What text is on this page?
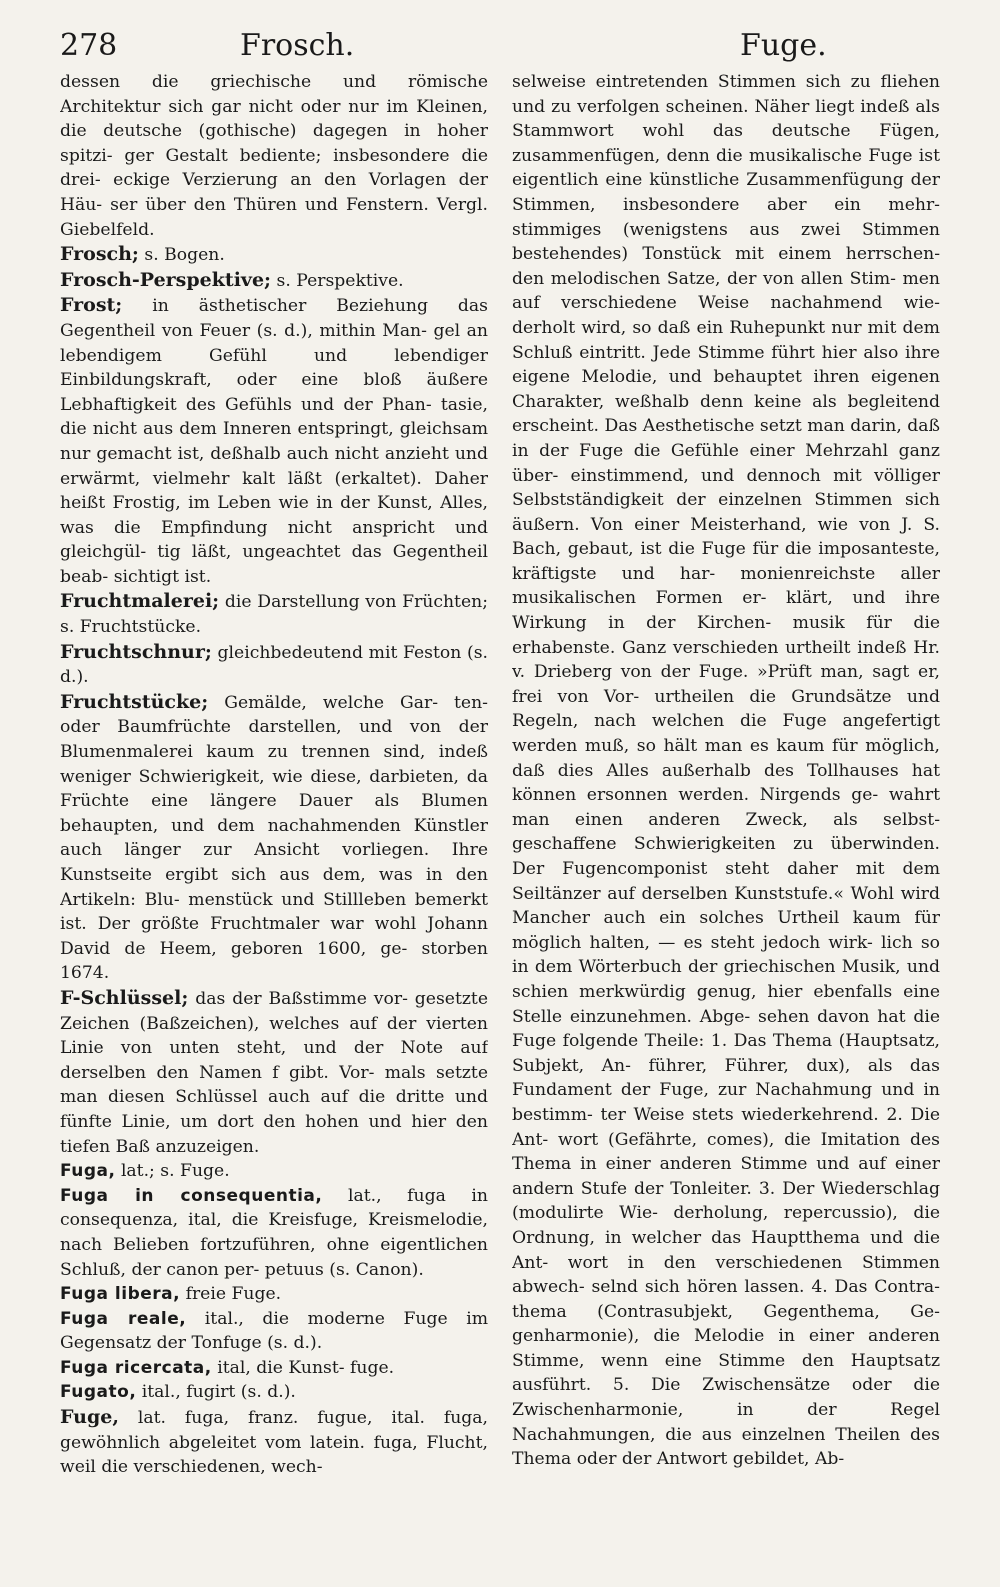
278	Frosch.	Fuge.

dessen die griechische und römische Architektur sich gar nicht oder nur im Kleinen, die deutsche (gothische) dagegen in hoher spitzi- ger Gestalt bediente; insbesondere die drei- eckige Verzierung an den Vorlagen der Häu- ser über den Thüren und Fenstern. Vergl. Giebelfeld.

Frosch; s. Bogen.

Frosch-Perspektive; s. Perspektive.

Frost; in ästhetischer Beziehung das Gegentheil von Feuer (s. d.), mithin Man- gel an lebendigem Gefühl und lebendiger Einbildungskraft, oder eine bloß äußere Lebhaftigkeit des Gefühls und der Phan- tasie, die nicht aus dem Inneren entspringt, gleichsam nur gemacht ist, deßhalb auch nicht anzieht und erwärmt, vielmehr kalt läßt (erkaltet). Daher heißt Frostig, im Leben wie in der Kunst, Alles, was die Empfindung nicht anspricht und gleichgül- tig läßt, ungeachtet das Gegentheil beab- sichtigt ist.

Fruchtmalerei; die Darstellung von Früchten; s. Fruchtstücke.

Fruchtschnur; gleichbedeutend mit Feston (s. d.).

Fruchtstücke; Gemälde, welche Gar- ten- oder Baumfrüchte darstellen, und von der Blumenmalerei kaum zu trennen sind, indeß weniger Schwierigkeit, wie diese, darbieten, da Früchte eine längere Dauer als Blumen behaupten, und dem nachahmenden Künstler auch länger zur Ansicht vorliegen. Ihre Kunstseite ergibt sich aus dem, was in den Artikeln: Blu- menstück und Stillleben bemerkt ist. Der größte Fruchtmaler war wohl Johann David de Heem, geboren 1600, ge- storben 1674.

F-Schlüssel; das der Baßstimme vor- gesetzte Zeichen (Baßzeichen), welches auf der vierten Linie von unten steht, und der Note auf derselben den Namen f gibt. Vor- mals setzte man diesen Schlüssel auch auf die dritte und fünfte Linie, um dort den hohen und hier den tiefen Baß anzuzeigen.

Fuga, lat.; s. Fuge.

Fuga in consequentia, lat., fuga in consequenza, ital, die Kreisfuge, Kreismelodie, nach Belieben fortzuführen, ohne eigentlichen Schluß, der canon per- petuus (s. Canon).

Fuga libera, freie Fuge.

Fuga reale, ital., die moderne Fuge im Gegensatz der Tonfuge (s. d.).

Fuga ricercata, ital, die Kunst- fuge.

Fugato, ital., fugirt (s. d.).

Fuge, lat. fuga, franz. fugue, ital. fuga, gewöhnlich abgeleitet vom latein. fuga, Flucht, weil die verschiedenen, wech-

selweise eintretenden Stimmen sich zu fliehen und zu verfolgen scheinen. Näher liegt indeß als Stammwort wohl das deutsche Fügen, zusammenfügen, denn die musikalische Fuge ist eigentlich eine künstliche Zusammenfügung der Stimmen, insbesondere aber ein mehr- stimmiges (wenigstens aus zwei Stimmen bestehendes) Tonstück mit einem herrschen- den melodischen Satze, der von allen Stim- men auf verschiedene Weise nachahmend wie- derholt wird, so daß ein Ruhepunkt nur mit dem Schluß eintritt. Jede Stimme führt hier also ihre eigene Melodie, und behauptet ihren eigenen Charakter, weßhalb denn keine als begleitend erscheint. Das Aesthetische setzt man darin, daß in der Fuge die Gefühle einer Mehrzahl ganz über- einstimmend, und dennoch mit völliger Selbstständigkeit der einzelnen Stimmen sich äußern. Von einer Meisterhand, wie von J. S. Bach, gebaut, ist die Fuge für die imposanteste, kräftigste und har- monienreichste aller musikalischen Formen er- klärt, und ihre Wirkung in der Kirchen- musik für die erhabenste. Ganz verschieden urtheilt indeß Hr. v. Drieberg von der Fuge. »Prüft man, sagt er, frei von Vor- urtheilen die Grundsätze und Regeln, nach welchen die Fuge angefertigt werden muß, so hält man es kaum für möglich, daß dies Alles außerhalb des Tollhauses hat können ersonnen werden. Nirgends ge- wahrt man einen anderen Zweck, als selbst- geschaffene Schwierigkeiten zu überwinden. Der Fugencomponist steht daher mit dem Seiltänzer auf derselben Kunststufe.« Wohl wird Mancher auch ein solches Urtheil kaum für möglich halten, — es steht jedoch wirk- lich so in dem Wörterbuch der griechischen Musik, und schien merkwürdig genug, hier ebenfalls eine Stelle einzunehmen. Abge- sehen davon hat die Fuge folgende Theile: 1. Das Thema (Hauptsatz, Subjekt, An- führer, Führer, dux), als das Fundament der Fuge, zur Nachahmung und in bestimm- ter Weise stets wiederkehrend. 2. Die Ant- wort (Gefährte, comes), die Imitation des Thema in einer anderen Stimme und auf einer andern Stufe der Tonleiter. 3. Der Wiederschlag (modulirte Wie- derholung, repercussio), die Ordnung, in welcher das Hauptthema und die Ant- wort in den verschiedenen Stimmen abwech- selnd sich hören lassen. 4. Das Contra- thema (Contrasubjekt, Gegenthema, Ge- genharmonie), die Melodie in einer anderen Stimme, wenn eine Stimme den Hauptsatz ausführt. 5. Die Zwischensätze oder die Zwischenharmonie, in der Regel Nachahmungen, die aus einzelnen Theilen des Thema oder der Antwort gebildet, Ab-
